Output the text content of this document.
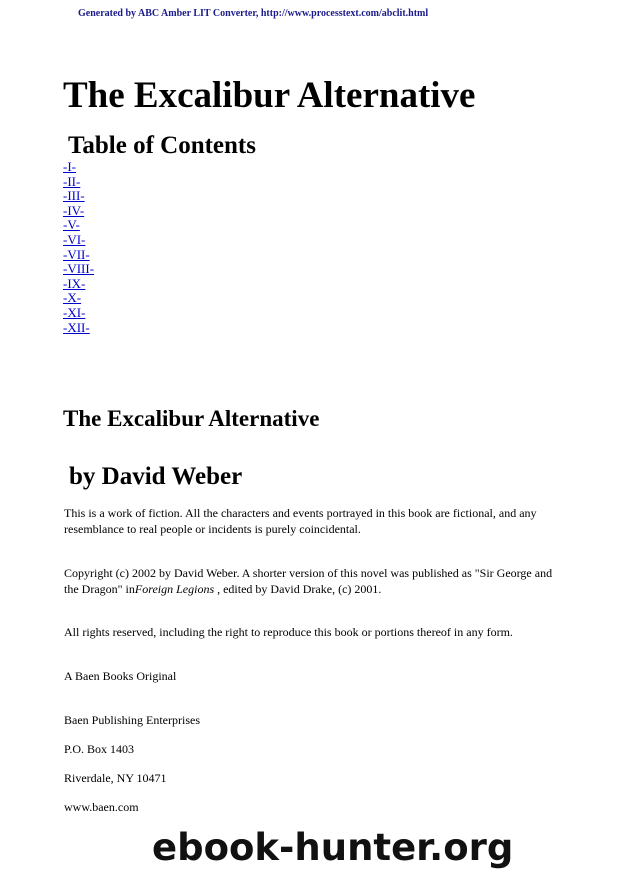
Generated by ABC Amber LIT Converter, http://www.processtext.com/abclit.html
The Excalibur Alternative
Table of Contents
-I-
-II-
-III-
-IV-
-V-
-VI-
-VII-
-VIII-
-IX-
-X-
-XI-
-XII-
The Excalibur Alternative
by David Weber

This is a work of fiction. All the characters and events portrayed in this book are fictional, and any resemblance to real people or incidents is purely coincidental.

Copyright (c) 2002 by David Weber. A shorter version of this novel was published as "Sir George and the Dragon" inForeign Legions , edited by David Drake, (c) 2001.

All rights reserved, including the right to reproduce this book or portions thereof in any form.

A Baen Books Original

Baen Publishing Enterprises

P.O. Box 1403

Riverdale, NY 10471

www.baen.com

ebook-hunter.org
